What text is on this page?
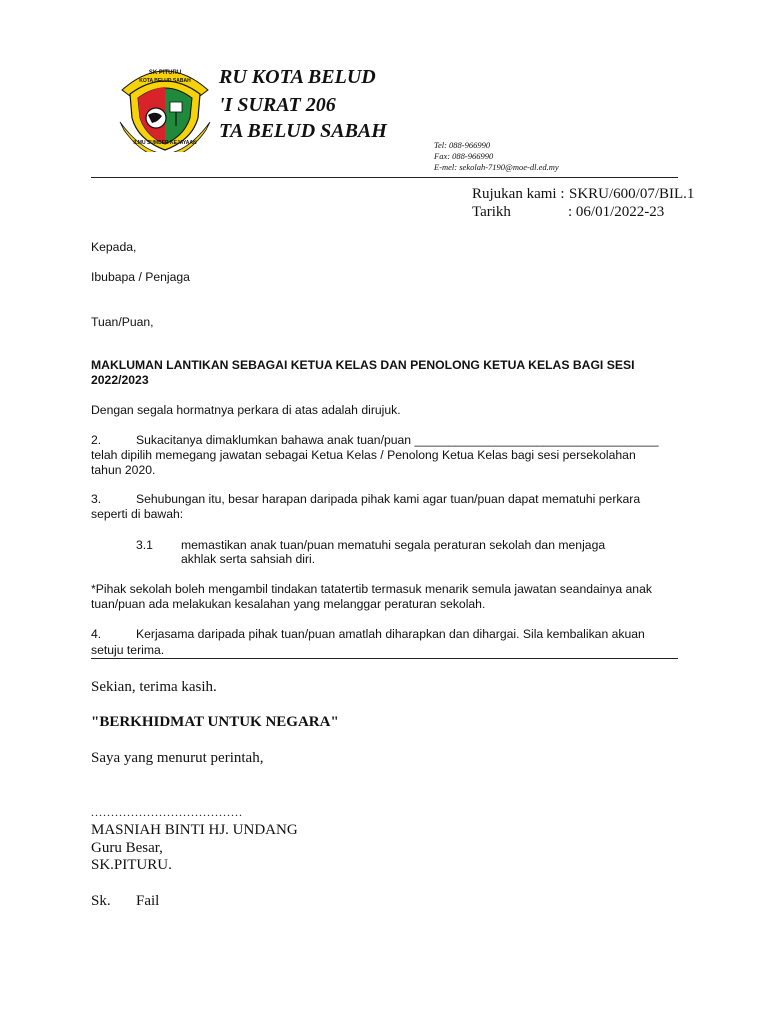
SK PITURU
KOTA BELUD SABAH
ILMU SUMBER KEJAYAAN
RU KOTA BELUD
'I SURAT 206
TA BELUD SABAH
Tel: 088-966990
Fax: 088-966990
E-mel: sekolah-7190@moe-dl.ed.my
Rujukan kami : SKRU/600/07/BIL.1
Tarikh	: 06/01/2022-23
Kepada,
Ibubapa / Penjaga
Tuan/Puan,
MAKLUMAN LANTIKAN SEBAGAI KETUA KELAS DAN PENOLONG KETUA KELAS BAGI SESI
2022/2023
Dengan segala hormatnya perkara di atas adalah dirujuk.
2.	Sukacitanya dimaklumkan bahawa anak tuan/puan ____________________________________
telah dipilih memegang jawatan sebagai Ketua Kelas / Penolong Ketua Kelas bagi sesi persekolahan
tahun 2020.
3.	Sehubungan itu, besar harapan daripada pihak kami agar tuan/puan dapat mematuhi perkara
seperti di bawah:
3.1 memastikan anak tuan/puan mematuhi segala peraturan sekolah dan menjaga
akhlak serta sahsiah diri.
*Pihak sekolah boleh mengambil tindakan tatatertib termasuk menarik semula jawatan seandainya anak
tuan/puan ada melakukan kesalahan yang melanggar peraturan sekolah.
4.	Kerjasama daripada pihak tuan/puan amatlah diharapkan dan dihargai. Sila kembalikan akuan
setuju terima.
Sekian, terima kasih.
"BERKHIDMAT UNTUK NEGARA"
Saya yang menurut perintah,
......................................
MASNIAH BINTI HJ. UNDANG
Guru Besar,
SK.PITURU.
Sk. Fail
